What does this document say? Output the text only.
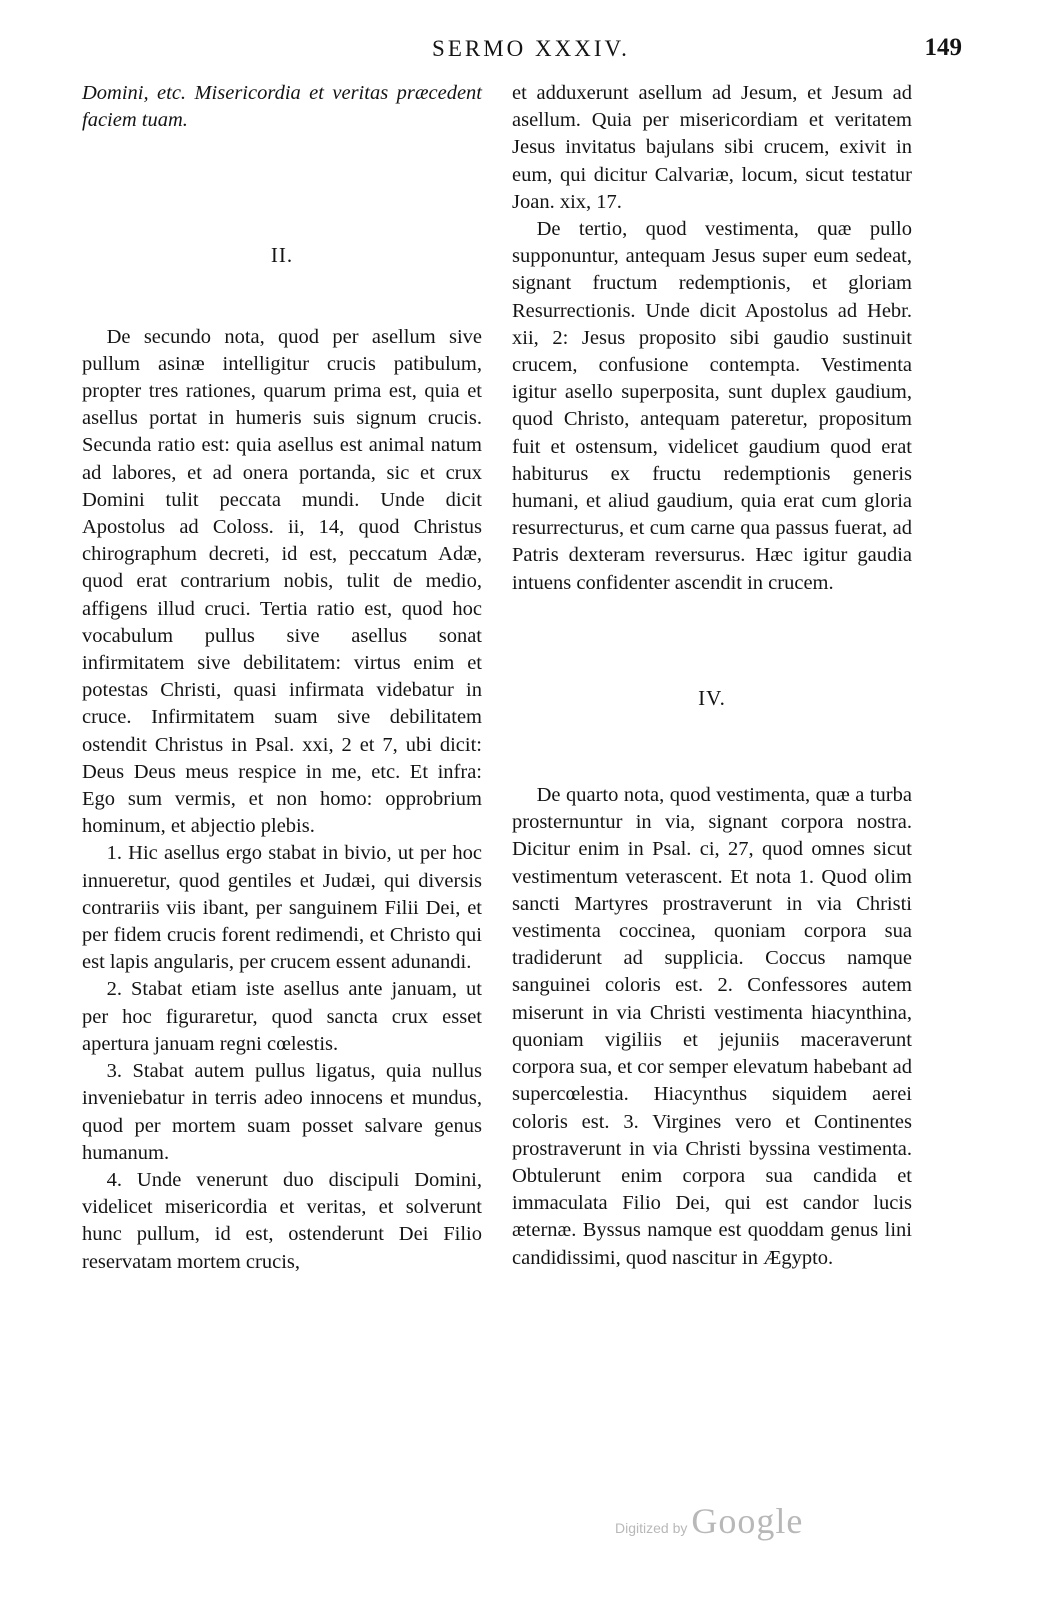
SERMO XXXIV.	149

Domini, etc. Misericordia et veritas præcedent faciem tuam.

II.

De secundo nota, quod per asellum sive pullum asinæ intelligitur crucis patibulum, propter tres rationes, quarum prima est, quia et asellus portat in humeris suis signum crucis. Secunda ratio est: quia asellus est animal natum ad labores, et ad onera portanda, sic et crux Domini tulit peccata mundi. Unde dicit Apostolus ad Coloss. ii, 14, quod Christus chirographum decreti, id est, peccatum Adæ, quod erat contrarium nobis, tulit de medio, affigens illud cruci. Tertia ratio est, quod hoc vocabulum pullus sive asellus sonat infirmitatem sive debilitatem: virtus enim et potestas Christi, quasi infirmata videbatur in cruce. Infirmitatem suam sive debilitatem ostendit Christus in Psal. xxi, 2 et 7, ubi dicit: Deus Deus meus respice in me, etc. Et infra: Ego sum vermis, et non homo: opprobrium hominum, et abjectio plebis.

1. Hic asellus ergo stabat in bivio, ut per hoc innueretur, quod gentiles et Judæi, qui diversis contrariis viis ibant, per sanguinem Filii Dei, et per fidem crucis forent redimendi, et Christo qui est lapis angularis, per crucem essent adunandi.

2. Stabat etiam iste asellus ante januam, ut per hoc figuraretur, quod sancta crux esset apertura januam regni cœlestis.

3. Stabat autem pullus ligatus, quia nullus inveniebatur in terris adeo innocens et mundus, quod per mortem suam posset salvare genus humanum.

4. Unde venerunt duo discipuli Domini, videlicet misericordia et veritas, et solverunt hunc pullum, id est, ostenderunt Dei Filio reservatam mortem crucis,

et adduxerunt asellum ad Jesum, et Jesum ad asellum. Quia per misericordiam et veritatem Jesus invitatus bajulans sibi crucem, exivit in eum, qui dicitur Calvariæ, locum, sicut testatur Joan. xix, 17.

De tertio, quod vestimenta, quæ pullo supponuntur, antequam Jesus super eum sedeat, signant fructum redemptionis, et gloriam Resurrectionis. Unde dicit Apostolus ad Hebr. xii, 2: Jesus proposito sibi gaudio sustinuit crucem, confusione contempta. Vestimenta igitur asello superposita, sunt duplex gaudium, quod Christo, antequam pateretur, propositum fuit et ostensum, videlicet gaudium quod erat habiturus ex fructu redemptionis generis humani, et aliud gaudium, quia erat cum gloria resurrecturus, et cum carne qua passus fuerat, ad Patris dexteram reversurus. Hæc igitur gaudia intuens confidenter ascendit in crucem.

IV.

De quarto nota, quod vestimenta, quæ a turba prosternuntur in via, signant corpora nostra. Dicitur enim in Psal. ci, 27, quod omnes sicut vestimentum veterascent. Et nota 1. Quod olim sancti Martyres prostraverunt in via Christi vestimenta coccinea, quoniam corpora sua tradiderunt ad supplicia. Coccus namque sanguinei coloris est. 2. Confessores autem miserunt in via Christi vestimenta hiacynthina, quoniam vigiliis et jejuniis maceraverunt corpora sua, et cor semper elevatum habebant ad supercœlestia. Hiacynthus siquidem aerei coloris est. 3. Virgines vero et Continentes prostraverunt in via Christi byssina vestimenta. Obtulerunt enim corpora sua candida et immaculata Filio Dei, qui est candor lucis æternæ. Byssus namque est quoddam genus lini candidissimi, quod nascitur in Ægypto.

Digitized by Google
